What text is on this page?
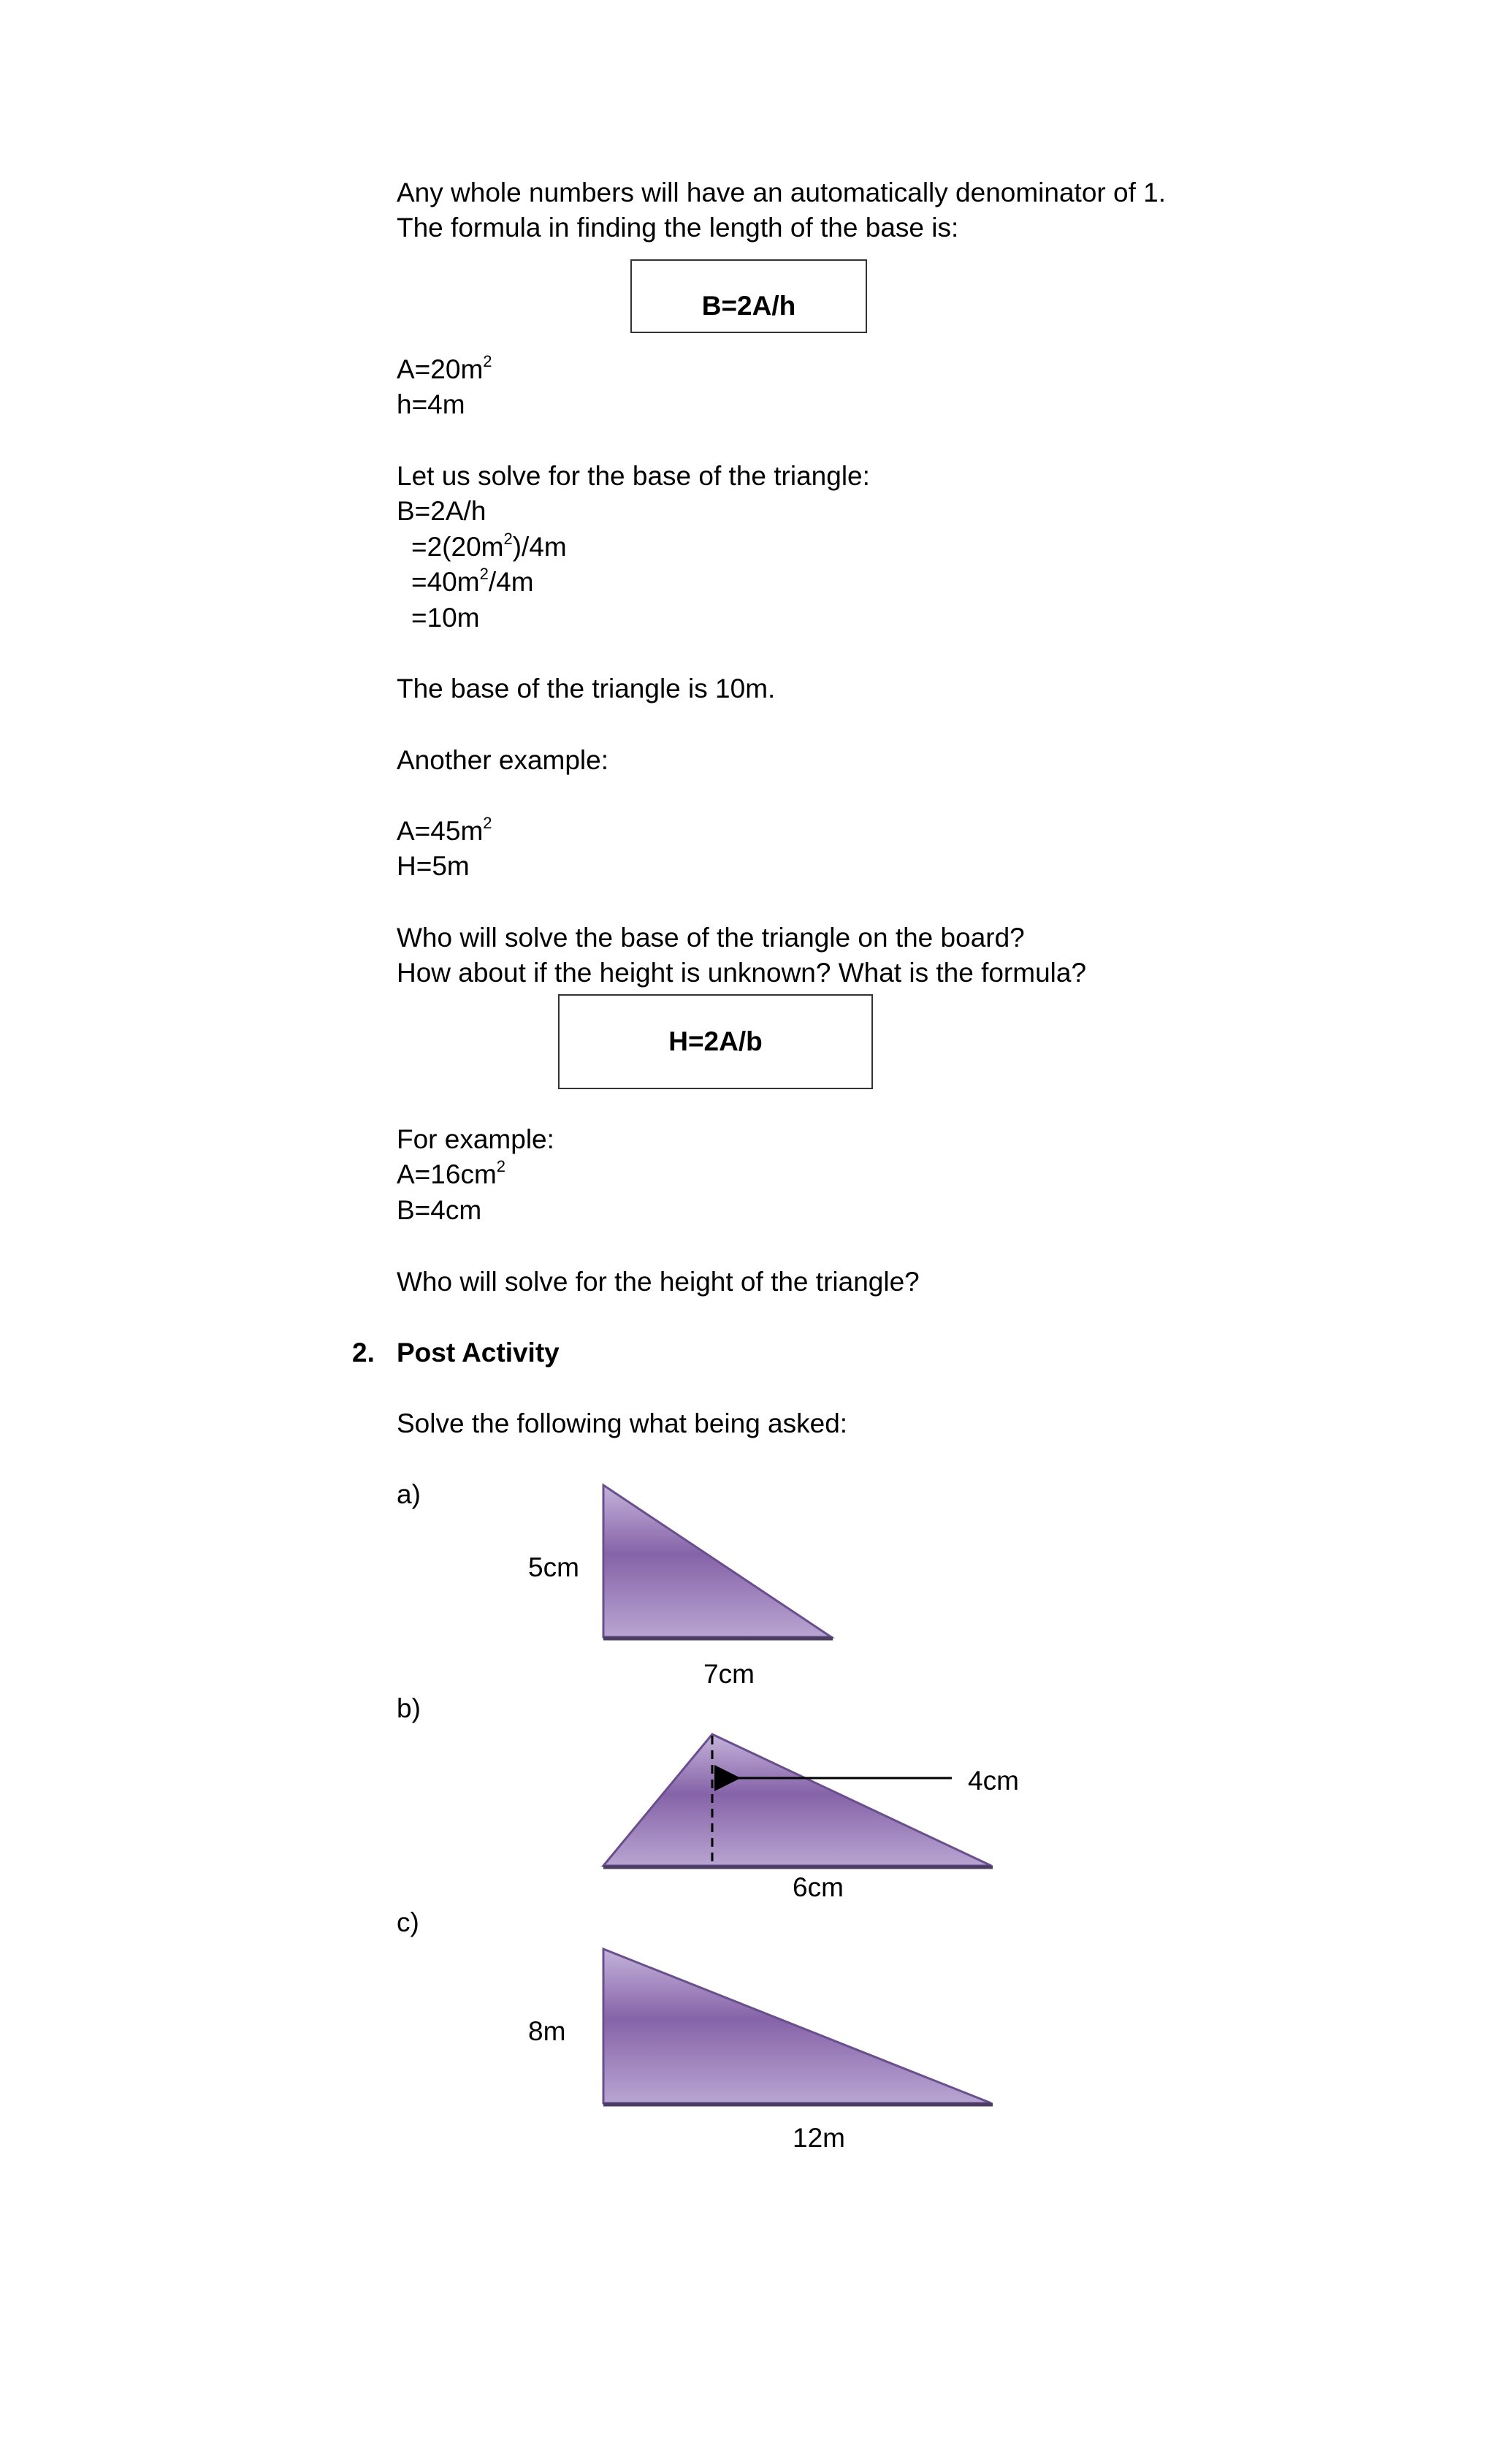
Any whole numbers will have an automatically denominator of 1.
The formula in finding the length of the base is:
B=2A/h
$A=20m^2$
h=4m
Let us solve for the base of the triangle:
B=2A/h
$=2(20m^2)/4m$
$=40m^2/4m$
=10m
The base of the triangle is 10m.
Another example:
$A=45m^2$
H=5m
Who will solve the base of the triangle on the board?
How about if the height is unknown? What is the formula?
H=2A/b
For example:
$A=16cm^2$
B=4cm
Who will solve for the height of the triangle?
2. Post Activity
Solve the following what being asked:
a)
b)
c)
5cm
7cm
4cm
6cm
8m
12m
